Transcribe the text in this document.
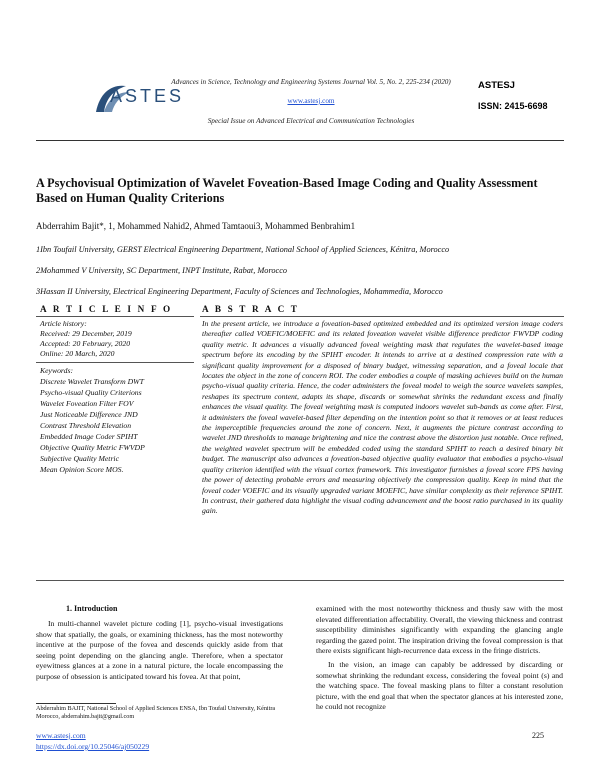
ASTES
Advances in Science, Technology and Engineering Systems Journal Vol. 5, No. 2, 225-234 (2020)
www.astesj.com
Special Issue on Advanced Electrical and Communication Technologies
ASTESJ
ISSN: 2415-6698
A Psychovisual Optimization of Wavelet Foveation-Based Image Coding and Quality Assessment Based on Human Quality Criterions
Abderrahim Bajit*, 1, Mohammed Nahid2, Ahmed Tamtaoui3, Mohammed Benbrahim1
1Ibn Toufail University, GERST Electrical Engineering Department, National School of Applied Sciences, Kénitra, Morocco
2Mohammed V University, SC Department, INPT Institute, Rabat, Morocco
3Hassan II University, Electrical Engineering Department, Faculty of Sciences and Technologies, Mohammedia, Morocco
A R T I C L E I N F O
Article history:
Received: 29 December, 2019
Accepted: 20 February, 2020
Online: 20 March, 2020
Keywords:
Discrete Wavelet Transform DWT
Psycho-visual Quality Criterions
Wavelet Foveation Filter FOV
Just Noticeable Difference JND
Contrast Threshold Elevation
Embedded Image Coder SPIHT
Objective Quality Metric FWVDP
Subjective Quality Metric
Mean Opinion Score MOS.
A B S T R A C T
In the present article, we introduce a foveation-based optimized embedded and its optimized version image coders thereafter called VOEFIC/MOEFIC and its related foveation wavelet visible difference predictor FWVDP coding quality metric. It advances a visually advanced foveal weighting mask that regulates the wavelet-based image spectrum before its encoding by the SPIHT encoder. It intends to arrive at a destined compression rate with a significant quality improvement for a disposed of binary budget, witnessing separation, and a foveal locale that locates the object in the zone of concern ROI. The coder embodies a couple of masking achieves build on the human psycho-visual quality criteria. Hence, the coder administers the foveal model to weigh the source wavelets samples, reshapes its spectrum content, adapts its shape, discards or somewhat shrinks the redundant excess and finally enhances the visual quality. The foveal weighting mask is computed indoors wavelet sub-bands as come after. First, it administers the foveal wavelet-based filter depending on the intention point so that it removes or at least reduces the imperceptible frequencies around the zone of concern. Next, it augments the picture contrast according to wavelet JND thresholds to manage brightening and nice the contrast above the distortion just notable. Once refined, the weighted wavelet spectrum will be embedded coded using the standard SPIHT to reach a desired binary bit budget. The manuscript also advances a foveation-based objective quality evaluator that embodies a psycho-visual quality criterion identified with the visual cortex framework. This investigator furnishes a foveal score FPS having the power of detecting probable errors and measuring objectively the compression quality. Keep in mind that the foveal coder VOEFIC and its visually upgraded variant MOEFIC, have similar complexity as their reference SPIHT. In contrast, their gathered data highlight the visual coding advancement and the boost ratio purchased in its quality gain.
1. Introduction

In multi-channel wavelet picture coding [1], psycho-visual investigations show that spatially, the goals, or examining thickness, has the most noteworthy incentive at the purpose of the fovea and descends quickly aside from that seeing point depending on the glancing angle. Therefore, when a spectator eyewitness glances at a zone in a natural picture, the locale encompassing the purpose of obsession is anticipated toward his fovea. At that point,

examined with the most noteworthy thickness and thusly saw with the most elevated differentiation affectability. Overall, the viewing thickness and contrast susceptibility diminishes significantly with expanding the glancing angle regarding the gazed point. The inspiration driving the foveal compression is that there exists significant high-recurrence data excess in the fringe districts.

In the vision, an image can capably be addressed by discarding or somewhat shrinking the redundant excess, considering the foveal point (s) and the watching space. The foveal masking plans to filter a constant resolution picture, with the end goal that when the spectator glances at his interested zone, he could not recognize

Abderrahim BAJIT, National School of Applied Sciences ENSA, Ibn Toufail University, Kénitra Morocco, abderrahim.bajit@gmail.com
www.astesj.com
https://dx.doi.org/10.25046/aj050229
225
